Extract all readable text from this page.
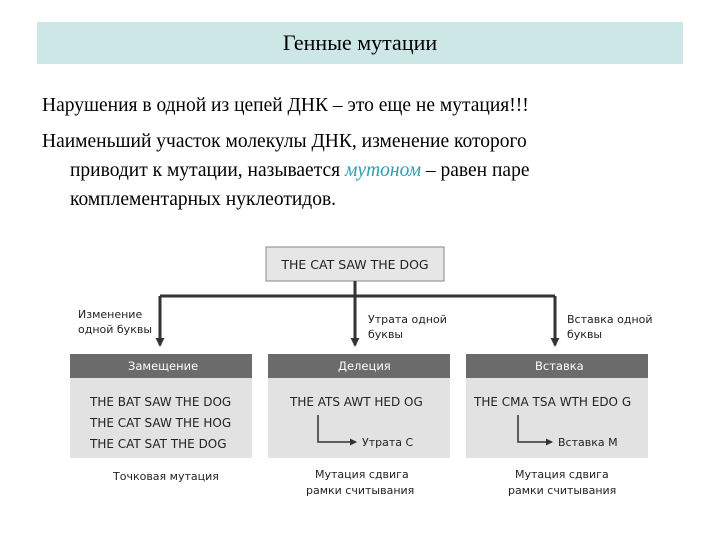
Генные мутации
Нарушения в одной из цепей ДНК – это еще не мутация!!!
Наименьший участок молекулы ДНК, изменение которого
приводит к мутации, называется мутоном – равен паре
комплементарных нуклеотидов.
THE CAT SAW THE DOG
Изменение
одной буквы
Утрата одной
буквы
Вставка одной
буквы
Замещение
THE BAT SAW THE DOG
THE CAT SAW THE HOG
THE CAT SAT THE DOG
Точковая мутация
Делеция
THE ATS AWT HED OG
Утрата С
Мутация сдвига
рамки считывания
Вставка
THE CMA TSA WTH EDO G
Вставка М
Мутация сдвига
рамки считывания
